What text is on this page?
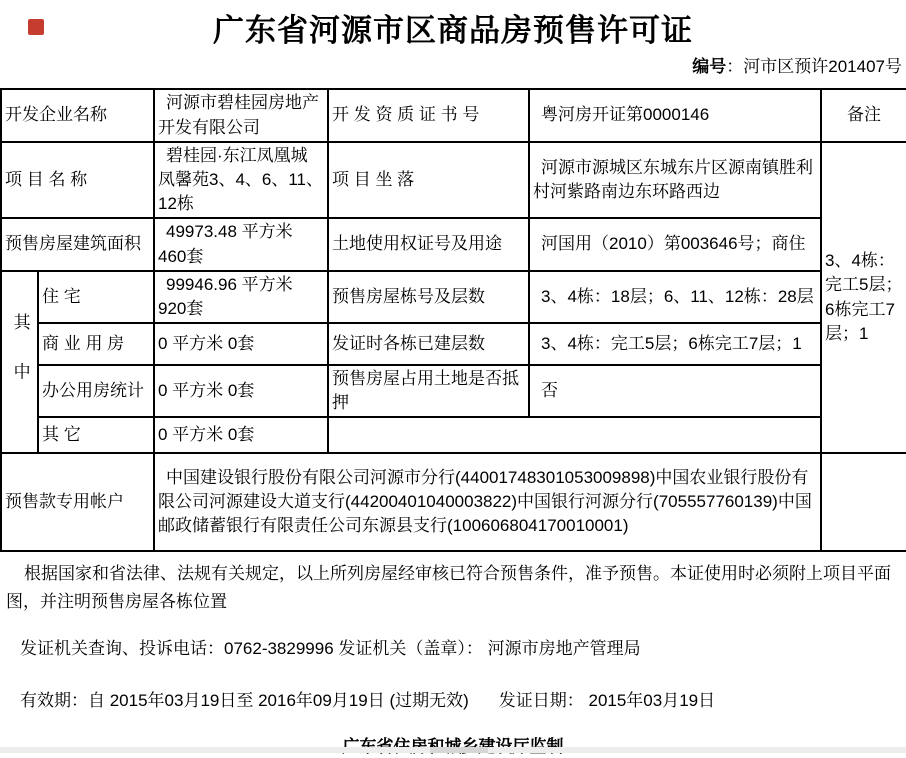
广东省河源市区商品房预售许可证
编号：河市区预许201407号
开发企业名称		河源市碧桂园房地产开发有限公司	开 发 资 质 证 书 号	粤河房开证第0000146	备注
项 目 名 称		碧桂园·东江凤凰城凤馨苑3、4、6、11、12栋	项 目 坐 落	河源市源城区东城东片区源南镇胜利村河紫路南边东环路西边	3、4栋：完工5层；6栋完工7层；1
预售房屋建筑面积		49973.48 平方米 460套	土地使用权证号及用途	河国用（2010）第003646号；商住	

其中	住 宅	99946.96 平方米 920套	预售房屋栋号及层数	3、4栋：18层；6、11、12栋：28层	
	商 业 用 房	0 平方米 0套	发证时各栋已建层数	3、4栋：完工5层；6栋完工7层；1	
	办公用房统计	0 平方米 0套	预售房屋占用土地是否抵押	否	
	其 它	0 平方米 0套			
预售款专用帐户		中国建设银行股份有限公司河源市分行(44001748301053009898)中国农业银行股份有限公司河源建设大道支行(44200401040003822)中国银行河源分行(705557760139)中国邮政储蓄银行有限责任公司东源县支行(100606804170010001)			
根据国家和省法律、法规有关规定，以上所列房屋经审核已符合预售条件，准予预售。本证使用时必须附上项目平面图，并注明预售房屋各栋位置
发证机关查询、投诉电话：0762-3829996 发证机关（盖章）： 河源市房地产管理局
有效期：自 2015年03月19日至 2016年09月19日 (过期无效) 发证日期： 2015年03月19日
